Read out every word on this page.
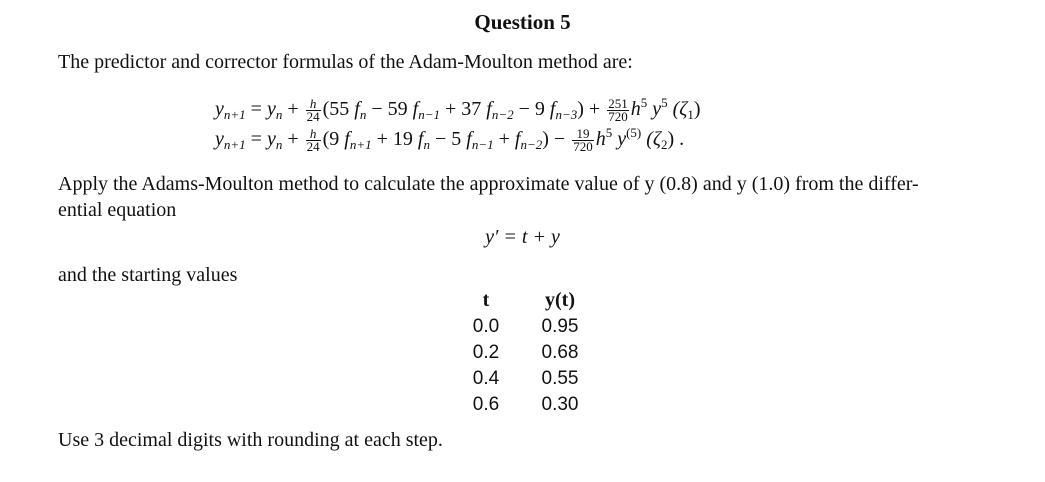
Question 5
The predictor and corrector formulas of the Adam-Moulton method are:
$y_{n+1} = y_n + \frac{h}{24} (55$ $f_n - 59$ $f_{n-1} + 37$ $f_{n-2} - 9$ $f_{n-3}) + \frac{251}{720} h^5$ $y^5$ $(\zeta_1)$
$y_{n+1} = y_n + \frac{h}{24} (9$ $f_{n+1} + 19$ $f_n - 5$ $f_{n-1} + f_{n-2}) - \frac{19}{720} h^5$ $y^{(5)}$ $(\zeta_2)$ .
Apply the Adams-Moulton method to calculate the approximate value of y (0.8) and y (1.0) from the differ-
ential equation
y′ = t + y
and the starting values
t	y(t)
0.0	0.95
0.2	0.68
0.4	0.55
0.6	0.30
Use 3 decimal digits with rounding at each step.
